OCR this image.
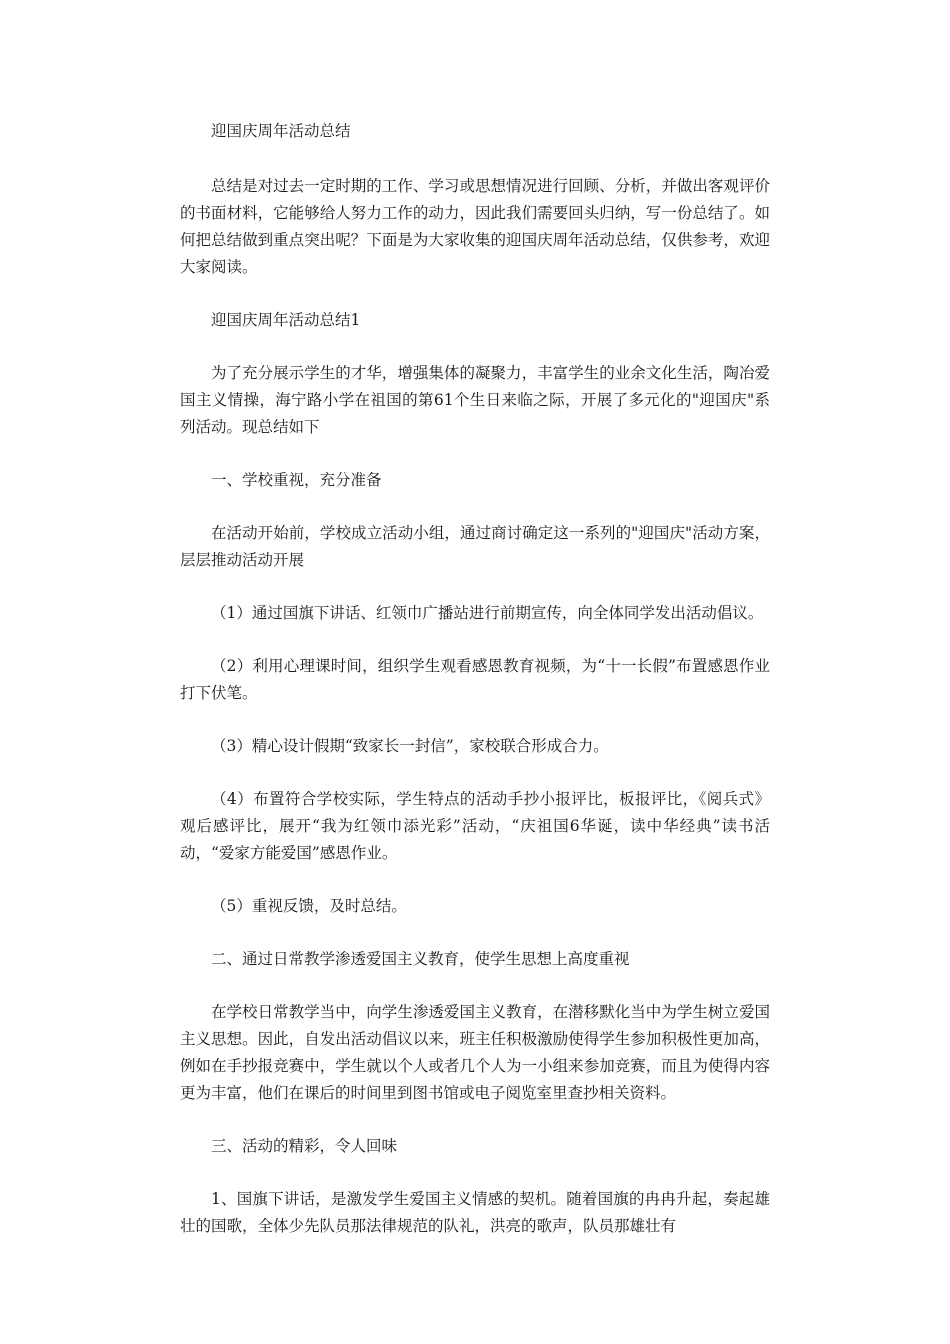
迎国庆周年活动总结

总结是对过去一定时期的工作、学习或思想情况进行回顾、分析，并做出客观评价的书面材料，它能够给人努力工作的动力，因此我们需要回头归纳，写一份总结了。如何把总结做到重点突出呢？下面是为大家收集的迎国庆周年活动总结，仅供参考，欢迎大家阅读。

迎国庆周年活动总结1

为了充分展示学生的才华，增强集体的凝聚力，丰富学生的业余文化生活，陶冶爱国主义情操，海宁路小学在祖国的第61个生日来临之际，开展了多元化的"迎国庆"系列活动。现总结如下

一、学校重视，充分准备

在活动开始前，学校成立活动小组，通过商讨确定这一系列的"迎国庆"活动方案，层层推动活动开展

（1）通过国旗下讲话、红领巾广播站进行前期宣传，向全体同学发出活动倡议。

（2）利用心理课时间，组织学生观看感恩教育视频，为“十一长假”布置感恩作业打下伏笔。

（3）精心设计假期“致家长一封信”，家校联合形成合力。

（4）布置符合学校实际，学生特点的活动手抄小报评比，板报评比，《阅兵式》观后感评比，展开“我为红领巾添光彩”活动，“庆祖国6华诞，读中华经典”读书活动，“爱家方能爱国”感恩作业。

（5）重视反馈，及时总结。

二、通过日常教学渗透爱国主义教育，使学生思想上高度重视

在学校日常教学当中，向学生渗透爱国主义教育，在潜移默化当中为学生树立爱国主义思想。因此，自发出活动倡议以来，班主任积极激励使得学生参加积极性更加高，例如在手抄报竞赛中，学生就以个人或者几个人为一小组来参加竞赛，而且为使得内容更为丰富，他们在课后的时间里到图书馆或电子阅览室里查抄相关资料。

三、活动的精彩，令人回味

1、国旗下讲话，是激发学生爱国主义情感的契机。随着国旗的冉冉升起，奏起雄壮的国歌，全体少先队员那法律规范的队礼，洪亮的歌声，队员那雄壮有
